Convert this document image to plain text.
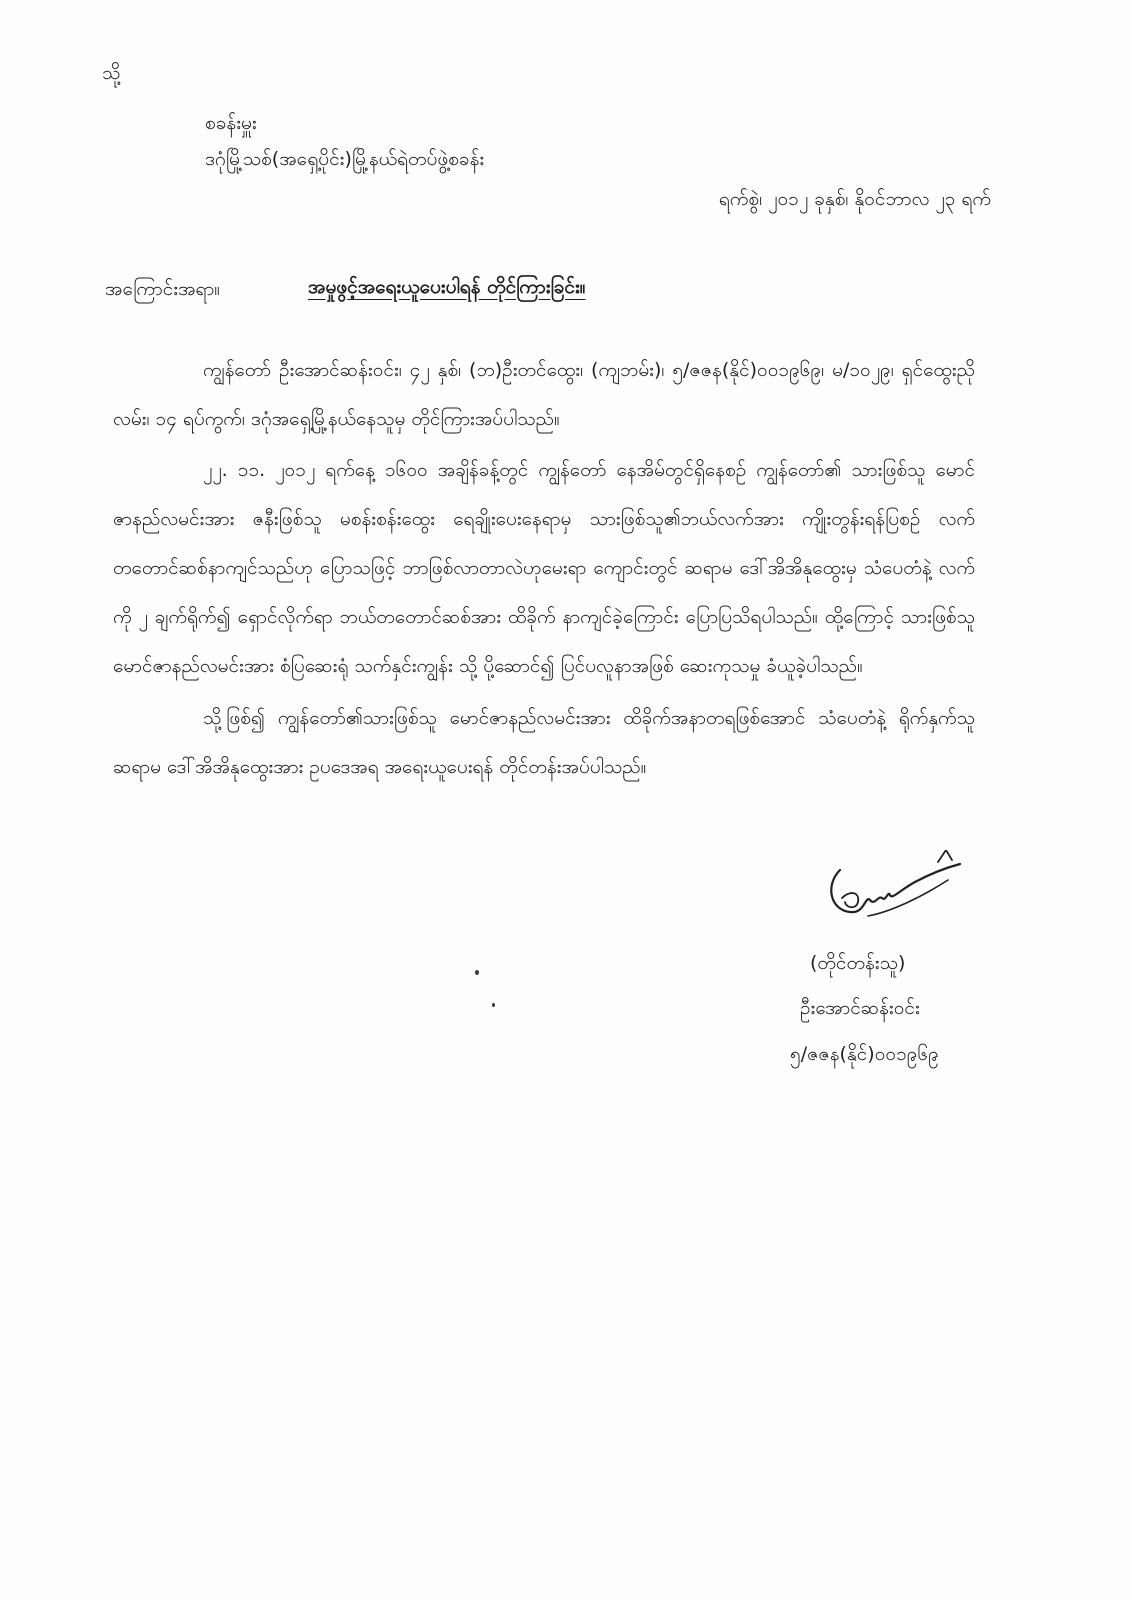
သို့
စခန်းမှူး
ဒဂုံမြို့သစ်(အရှေ့ပိုင်း)မြို့နယ်ရဲတပ်ဖွဲ့စခန်း
ရက်စွဲ၊ ၂၀၁၂ ခုနှစ်၊ နိုဝင်ဘာလ ၂၃ ရက်
အကြောင်းအရာ။	အမှုဖွင့်အရေးယူပေးပါရန် တိုင်ကြားခြင်း။
ကျွန်တော် ဦးအောင်ဆန်းဝင်း၊ ၄၂ နှစ်၊ (ဘ)ဦးတင်ထွေး၊ (ကျဘမ်း)၊ ၅/ဇဇန(နိုင်)၀၀၁၉၆၉၊ မ/၁၀၂၉၊ ရှင်ထွေးညိုလမ်း၊ ၁၄ ရပ်ကွက်၊ ဒဂုံအရှေ့မြို့နယ်နေသူမှ တိုင်ကြားအပ်ပါသည်။
၂၂. ၁၁. ၂၀၁၂ ရက်နေ့ ၁၆၀၀ အချိန်ခန့်တွင် ကျွန်တော် နေအိမ်တွင်ရှိနေစဉ် ကျွန်တော်၏ သားဖြစ်သူ မောင်ဇာနည်လမင်းအား ဇနီးဖြစ်သူ မစန်းစန်းထွေး ရေချိုးပေးနေရာမှ သားဖြစ်သူ၏ဘယ်လက်အား ကျိုးတွန်းရန်ပြစဉ် လက်တတောင်ဆစ်နာကျင်သည်ဟု ပြောသဖြင့် ဘာဖြစ်လာတာလဲဟုမေးရာ ကျောင်းတွင် ဆရာမ ဒေါ်အိအိနုထွေးမှ သံပေတံနဲ့ လက်ကို ၂ ချက်ရိုက်၍ ရှောင်လိုက်ရာ ဘယ်တတောင်ဆစ်အား ထိခိုက် နာကျင်ခဲ့ကြောင်း ပြောပြသိရပါသည်။ ထို့ကြောင့် သားဖြစ်သူ မောင်ဇာနည်လမင်းအား စံပြဆေးရုံ သက်နှင်းကျွန်း သို့ ပို့ဆောင်၍ ပြင်ပလူနာအဖြစ် ဆေးကုသမှု ခံယူခဲ့ပါသည်။
သို့ဖြစ်၍ ကျွန်တော်၏သားဖြစ်သူ မောင်ဇာနည်လမင်းအား ထိခိုက်အနာတရဖြစ်အောင် သံပေတံနဲ့ ရိုက်နှက်သူ ဆရာမ ဒေါ်အိအိနုထွေးအား ဥပဒေအရ အရေးယူပေးရန် တိုင်တန်းအပ်ပါသည်။
(တိုင်တန်းသူ)
ဦးအောင်ဆန်းဝင်း
၅/ဇဇန(နိုင်)၀၀၁၉၆၉
